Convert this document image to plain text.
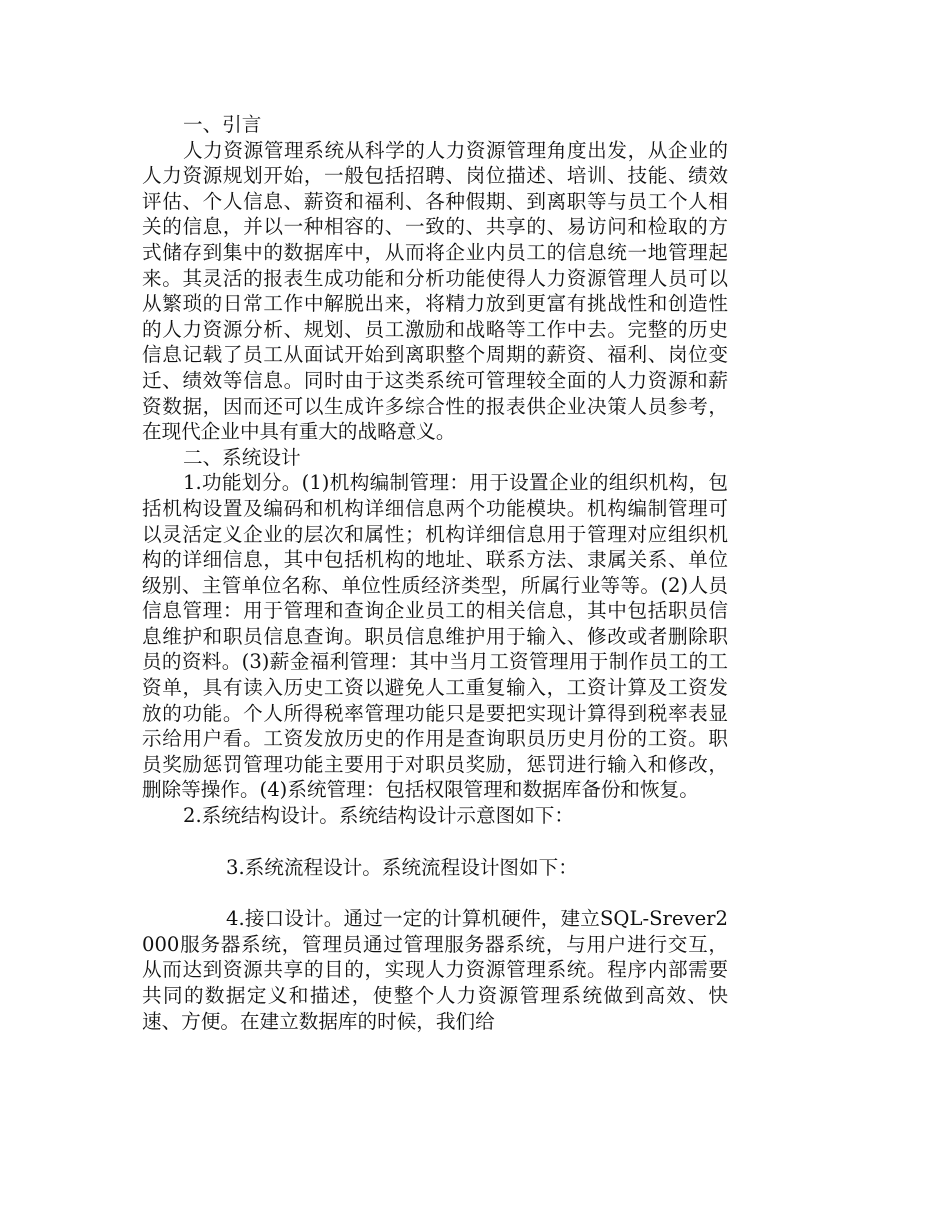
一、引言

人力资源管理系统从科学的人力资源管理角度出发，从企业的人力资源规划开始，一般包括招聘、岗位描述、培训、技能、绩效评估、个人信息、薪资和福利、各种假期、到离职等与员工个人相关的信息，并以一种相容的、一致的、共享的、易访问和检取的方式储存到集中的数据库中，从而将企业内员工的信息统一地管理起来。其灵活的报表生成功能和分析功能使得人力资源管理人员可以从繁琐的日常工作中解脱出来，将精力放到更富有挑战性和创造性的人力资源分析、规划、员工激励和战略等工作中去。完整的历史信息记载了员工从面试开始到离职整个周期的薪资、福利、岗位变迁、绩效等信息。同时由于这类系统可管理较全面的人力资源和薪资数据，因而还可以生成许多综合性的报表供企业决策人员参考，在现代企业中具有重大的战略意义。

二、系统设计

1.功能划分。(1)机构编制管理：用于设置企业的组织机构，包括机构设置及编码和机构详细信息两个功能模块。机构编制管理可以灵活定义企业的层次和属性；机构详细信息用于管理对应组织机构的详细信息，其中包括机构的地址、联系方法、隶属关系、单位级别、主管单位名称、单位性质经济类型，所属行业等等。(2)人员信息管理：用于管理和查询企业员工的相关信息，其中包括职员信息维护和职员信息查询。职员信息维护用于输入、修改或者删除职员的资料。(3)薪金福利管理：其中当月工资管理用于制作员工的工资单，具有读入历史工资以避免人工重复输入，工资计算及工资发放的功能。个人所得税率管理功能只是要把实现计算得到税率表显示给用户看。工资发放历史的作用是查询职员历史月份的工资。职员奖励惩罚管理功能主要用于对职员奖励，惩罚进行输入和修改，删除等操作。(4)系统管理：包括权限管理和数据库备份和恢复。

2.系统结构设计。系统结构设计示意图如下：

3.系统流程设计。系统流程设计图如下：

4.接口设计。通过一定的计算机硬件，建立SQL-Srever2000服务器系统，管理员通过管理服务器系统，与用户进行交互，从而达到资源共享的目的，实现人力资源管理系统。程序内部需要共同的数据定义和描述，使整个人力资源管理系统做到高效、快速、方便。在建立数据库的时候，我们给
